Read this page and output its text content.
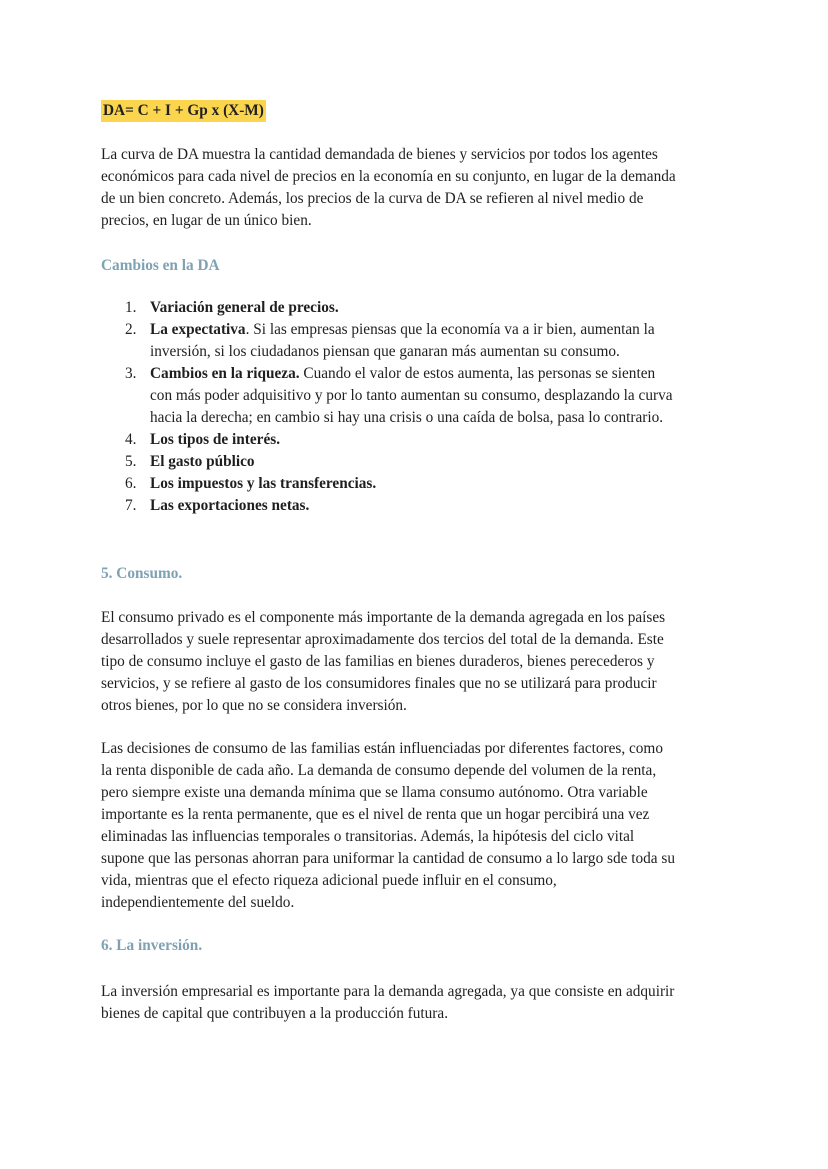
DA= C + I + Gp x (X-M)

La curva de DA muestra la cantidad demandada de bienes y servicios por todos los agentes
económicos para cada nivel de precios en la economía en su conjunto, en lugar de la demanda
de un bien concreto. Además, los precios de la curva de DA se refieren al nivel medio de
precios, en lugar de un único bien.

Cambios en la DA
1. Variación general de precios.
2. La expectativa. Si las empresas piensas que la economía va a ir bien, aumentan la
inversión, si los ciudadanos piensan que ganaran más aumentan su consumo.
3. Cambios en la riqueza. Cuando el valor de estos aumenta, las personas se sienten
con más poder adquisitivo y por lo tanto aumentan su consumo, desplazando la curva
hacia la derecha; en cambio si hay una crisis o una caída de bolsa, pasa lo contrario.
4. Los tipos de interés.
5. El gasto público
6. Los impuestos y las transferencias.
7. Las exportaciones netas.
5. Consumo.

El consumo privado es el componente más importante de la demanda agregada en los países
desarrollados y suele representar aproximadamente dos tercios del total de la demanda. Este
tipo de consumo incluye el gasto de las familias en bienes duraderos, bienes perecederos y
servicios, y se refiere al gasto de los consumidores finales que no se utilizará para producir
otros bienes, por lo que no se considera inversión.

Las decisiones de consumo de las familias están influenciadas por diferentes factores, como
la renta disponible de cada año. La demanda de consumo depende del volumen de la renta,
pero siempre existe una demanda mínima que se llama consumo autónomo. Otra variable
importante es la renta permanente, que es el nivel de renta que un hogar percibirá una vez
eliminadas las influencias temporales o transitorias. Además, la hipótesis del ciclo vital
supone que las personas ahorran para uniformar la cantidad de consumo a lo largo sde toda su
vida, mientras que el efecto riqueza adicional puede influir en el consumo,
independientemente del sueldo.

6. La inversión.

La inversión empresarial es importante para la demanda agregada, ya que consiste en adquirir
bienes de capital que contribuyen a la producción futura.
